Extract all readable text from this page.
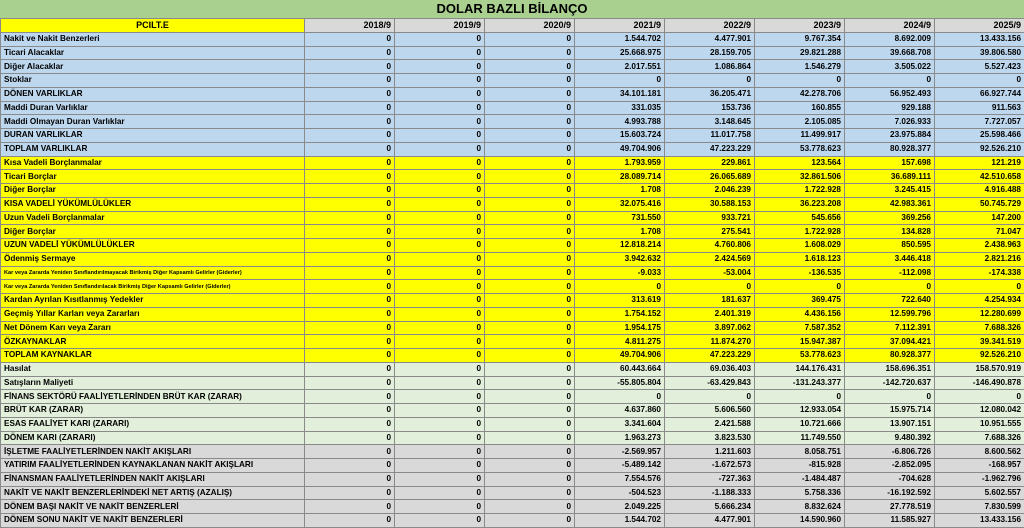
DOLAR BAZLI BİLANÇO
PCILT.E	2018/9	2019/9	2020/9	2021/9	2022/9	2023/9	2024/9	2025/9
Nakit ve Nakit Benzerleri	0	0	0	1.544.702	4.477.901	9.767.354	8.692.009	13.433.156
Ticari Alacaklar	0	0	0	25.668.975	28.159.705	29.821.288	39.668.708	39.806.580
Diğer Alacaklar	0	0	0	2.017.551	1.086.864	1.546.279	3.505.022	5.527.423
Stoklar	0	0	0	0	0	0	0	0
DÖNEN VARLIKLAR	0	0	0	34.101.181	36.205.471	42.278.706	56.952.493	66.927.744
Maddi Duran Varlıklar	0	0	0	331.035	153.736	160.855	929.188	911.563
Maddi Olmayan Duran Varlıklar	0	0	0	4.993.788	3.148.645	2.105.085	7.026.933	7.727.057
DURAN VARLIKLAR	0	0	0	15.603.724	11.017.758	11.499.917	23.975.884	25.598.466
TOPLAM VARLIKLAR	0	0	0	49.704.906	47.223.229	53.778.623	80.928.377	92.526.210
Kısa Vadeli Borçlanmalar	0	0	0	1.793.959	229.861	123.564	157.698	121.219
Ticari Borçlar	0	0	0	28.089.714	26.065.689	32.861.506	36.689.111	42.510.658
Diğer Borçlar	0	0	0	1.708	2.046.239	1.722.928	3.245.415	4.916.488
KISA VADELİ YÜKÜMLÜLÜKLER	0	0	0	32.075.416	30.588.153	36.223.208	42.983.361	50.745.729
Uzun Vadeli Borçlanmalar	0	0	0	731.550	933.721	545.656	369.256	147.200
Diğer Borçlar	0	0	0	1.708	275.541	1.722.928	134.828	71.047
UZUN VADELİ YÜKÜMLÜLÜKLER	0	0	0	12.818.214	4.760.806	1.608.029	850.595	2.438.963
Ödenmiş Sermaye	0	0	0	3.942.632	2.424.569	1.618.123	3.446.418	2.821.216
Kar veya Zararda Yeniden Sınıflandırılmayacak Birikmiş Diğer Kapsamlı Gelirler (Giderler)	0	0	0	-9.033	-53.004	-136.535	-112.098	-174.338
Kar veya Zararda Yeniden Sınıflandırılacak Birikmiş Diğer Kapsamlı Gelirler (Giderler)	0	0	0	0	0	0	0	0
Kardan Ayrılan Kısıtlanmış Yedekler	0	0	0	313.619	181.637	369.475	722.640	4.254.934
Geçmiş Yıllar Karları veya Zararları	0	0	0	1.754.152	2.401.319	4.436.156	12.599.796	12.280.699
Net Dönem Karı veya Zararı	0	0	0	1.954.175	3.897.062	7.587.352	7.112.391	7.688.326
ÖZKAYNAKLAR	0	0	0	4.811.275	11.874.270	15.947.387	37.094.421	39.341.519
TOPLAM KAYNAKLAR	0	0	0	49.704.906	47.223.229	53.778.623	80.928.377	92.526.210
Hasılat	0	0	0	60.443.664	69.036.403	144.176.431	158.696.351	158.570.919
Satışların Maliyeti	0	0	0	-55.805.804	-63.429.843	-131.243.377	-142.720.637	-146.490.878
FİNANS SEKTÖRÜ FAALİYETLERİNDEN BRÜT KAR (ZARAR)	0	0	0	0	0	0	0	0
BRÜT KAR (ZARAR)	0	0	0	4.637.860	5.606.560	12.933.054	15.975.714	12.080.042
ESAS FAALİYET KARI (ZARARI)	0	0	0	3.341.604	2.421.588	10.721.666	13.907.151	10.951.555
DÖNEM KARI (ZARARI)	0	0	0	1.963.273	3.823.530	11.749.550	9.480.392	7.688.326
İŞLETME FAALİYETLERİNDEN NAKİT AKIŞLARI	0	0	0	-2.569.957	1.211.603	8.058.751	-6.806.726	8.600.562
YATIRIM FAALİYETLERİNDEN KAYNAKLANAN NAKİT AKIŞLARI	0	0	0	-5.489.142	-1.672.573	-815.928	-2.852.095	-168.957
FİNANSMAN FAALİYETLERİNDEN NAKİT AKIŞLARI	0	0	0	7.554.576	-727.363	-1.484.487	-704.628	-1.962.796
NAKİT VE NAKİT BENZERLERİNDEKİ NET ARTIŞ (AZALIŞ)	0	0	0	-504.523	-1.188.333	5.758.336	-16.192.592	5.602.557
DÖNEM BAŞI NAKİT VE NAKİT BENZERLERİ	0	0	0	2.049.225	5.666.234	8.832.624	27.778.519	7.830.599
DÖNEM SONU NAKİT VE NAKİT BENZERLERİ	0	0	0	1.544.702	4.477.901	14.590.960	11.585.927	13.433.156
